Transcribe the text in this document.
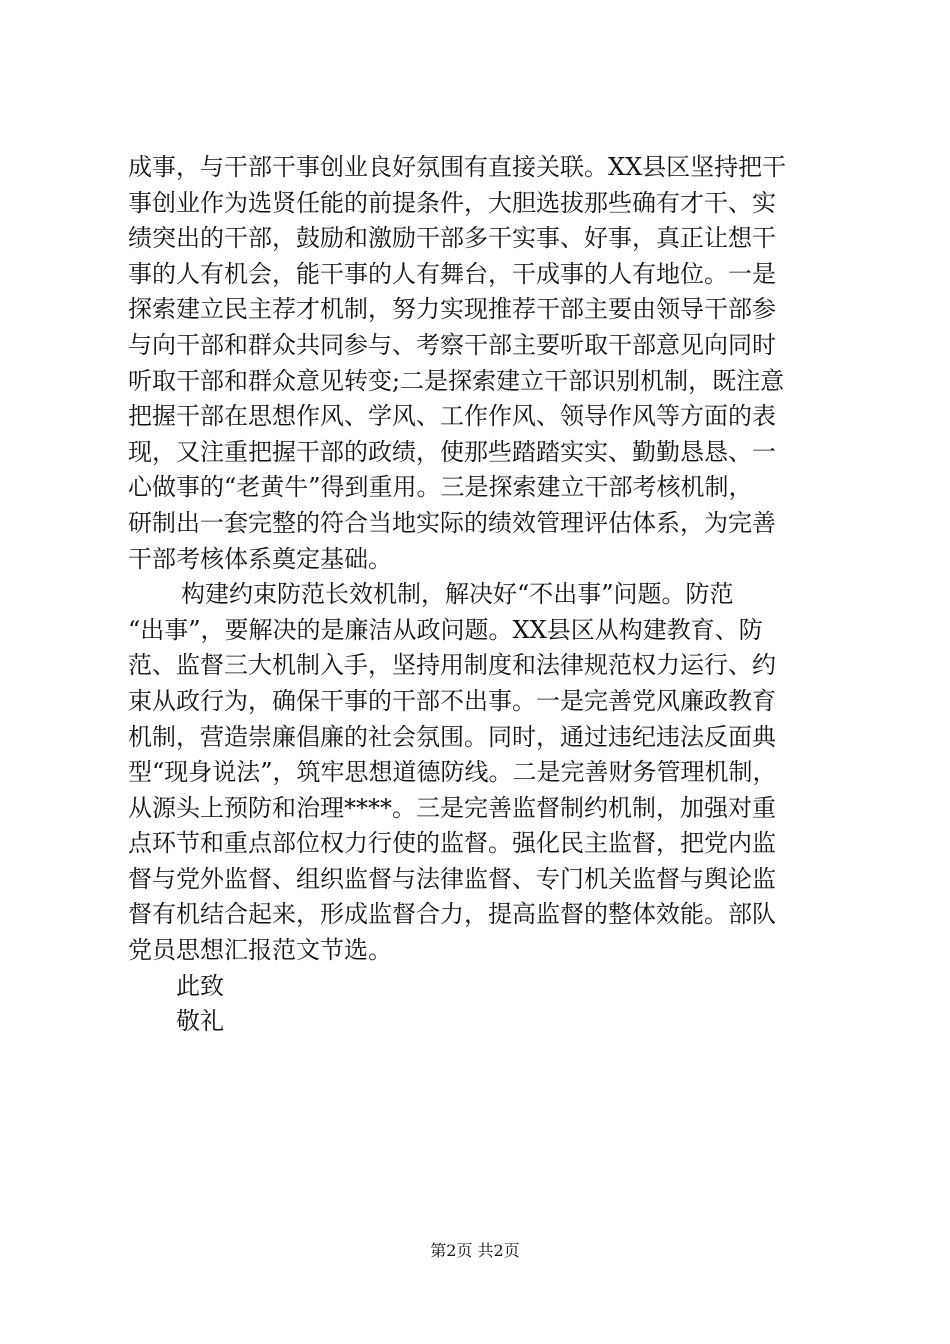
成事，与干部干事创业良好氛围有直接关联。XX县区坚持把干
事创业作为选贤任能的前提条件，大胆选拔那些确有才干、实
绩突出的干部，鼓励和激励干部多干实事、好事，真正让想干
事的人有机会，能干事的人有舞台，干成事的人有地位。一是
探索建立民主荐才机制，努力实现推荐干部主要由领导干部参
与向干部和群众共同参与、考察干部主要听取干部意见向同时
听取干部和群众意见转变;二是探索建立干部识别机制，既注意
把握干部在思想作风、学风、工作作风、领导作风等方面的表
现，又注重把握干部的政绩，使那些踏踏实实、勤勤恳恳、一
心做事的“老黄牛”得到重用。三是探索建立干部考核机制，
研制出一套完整的符合当地实际的绩效管理评估体系，为完善
干部考核体系奠定基础。
构建约束防范长效机制，解决好“不出事”问题。防范
“出事”，要解决的是廉洁从政问题。XX县区从构建教育、防
范、监督三大机制入手，坚持用制度和法律规范权力运行、约
束从政行为，确保干事的干部不出事。一是完善党风廉政教育
机制，营造崇廉倡廉的社会氛围。同时，通过违纪违法反面典
型“现身说法”，筑牢思想道德防线。二是完善财务管理机制，
从源头上预防和治理****。三是完善监督制约机制，加强对重
点环节和重点部位权力行使的监督。强化民主监督，把党内监
督与党外监督、组织监督与法律监督、专门机关监督与舆论监
督有机结合起来，形成监督合力，提高监督的整体效能。部队
党员思想汇报范文节选。
此致
敬礼
第2页 共2页
